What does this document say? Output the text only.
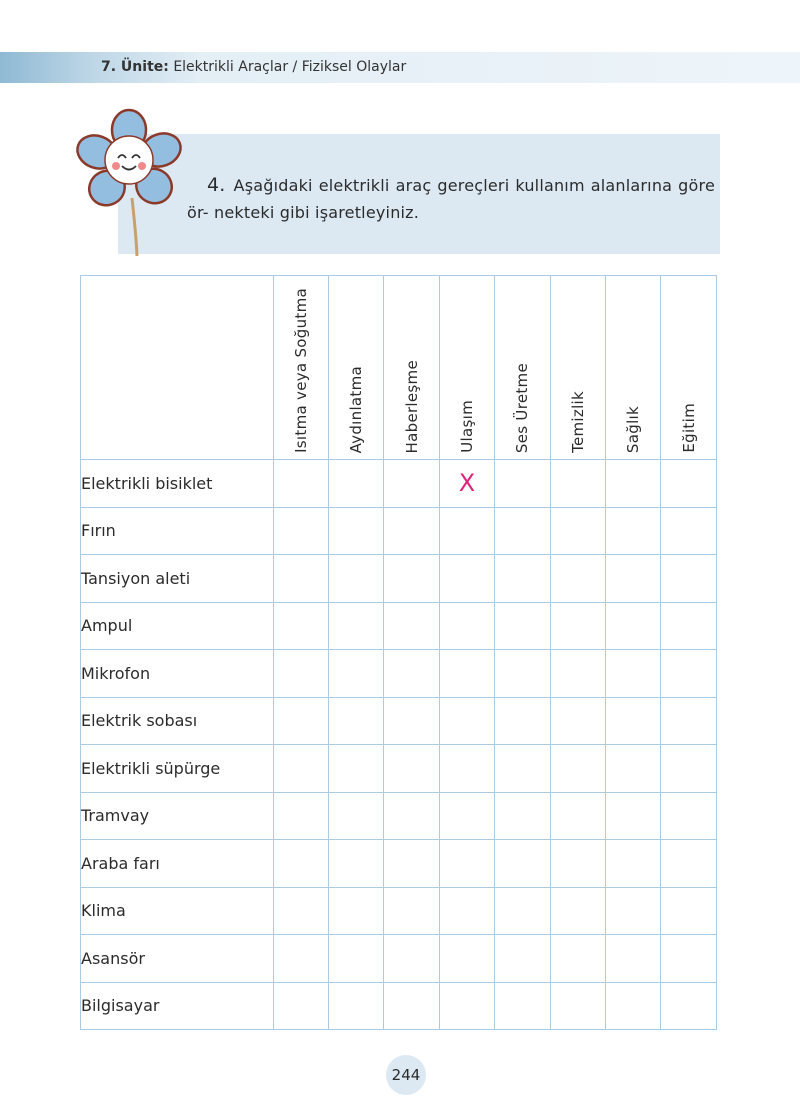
7. Ünite: Elektrikli Araçlar / Fiziksel Olaylar
4. Aşağıdaki elektrikli araç gereçleri kullanım alanlarına göre ör- nekteki gibi işaretleyiniz.

	Isıtma veya Soğutma	Aydınlatma	Haberleşme	Ulaşım	Ses Üretme	Temizlik	Sağlık	Eğitim

Elektrikli bisiklet				X				
Fırın								
Tansiyon aleti								
Ampul								
Mikrofon								
Elektrik sobası								
Elektrikli süpürge								
Tramvay								
Araba farı								
Klima								
Asansör								
Bilgisayar								
244
